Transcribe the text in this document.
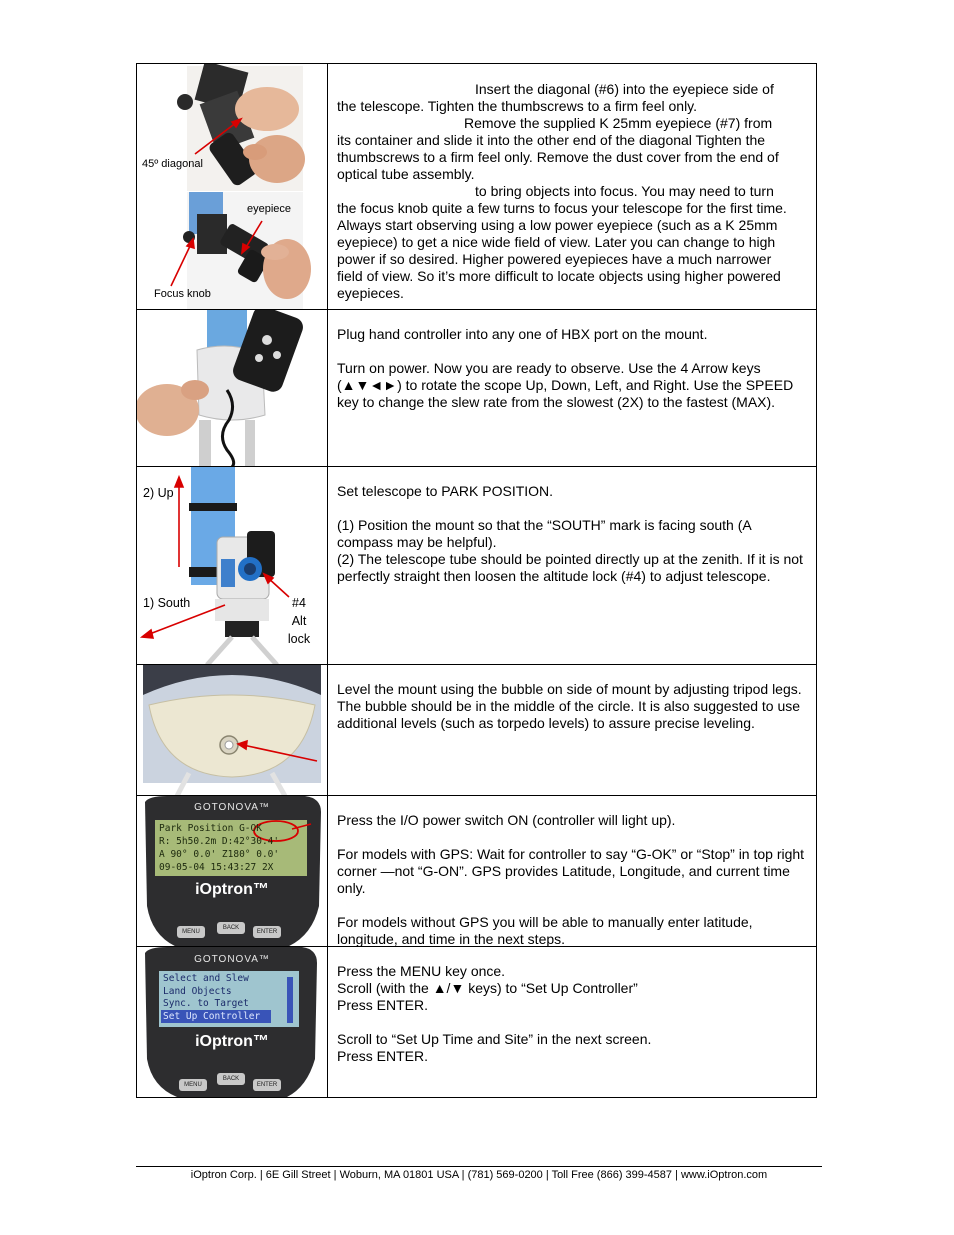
45º diagonal
eyepiece
Focus knob

Insert the diagonal (#6) into the eyepiece side of

the telescope. Tighten the thumbscrews to a firm feel only.

Remove the supplied K 25mm eyepiece (#7) from

its container and slide it into the other end of the diagonal Tighten the

thumbscrews to a firm feel only. Remove the dust cover from the end of

optical tube assembly.

to bring objects into focus. You may need to turn

the focus knob quite a few turns to focus your telescope for the first time.

Always start observing using a low power eyepiece (such as a K 25mm

eyepiece) to get a nice wide field of view. Later you can change to high

power if so desired. Higher powered eyepieces have a much narrower

field of view. So it’s more difficult to locate objects using higher powered

eyepieces.

Plug hand controller into any one of HBX port on the mount.

Turn on power. Now you are ready to observe. Use the 4 Arrow keys (▲▼◄►) to rotate the scope Up, Down, Left, and Right. Use the SPEED key to change the slew rate from the slowest (2X) to the fastest (MAX).

2) Up
1) South	#4
Alt
lock

Set telescope to PARK POSITION.

(1) Position the mount so that the “SOUTH” mark is facing south (A compass may be helpful).

(2) The telescope tube should be pointed directly up at the zenith. If it is not perfectly straight then loosen the altitude lock (#4) to adjust telescope.

Level the mount using the bubble on side of mount by adjusting tripod legs. The bubble should be in the middle of the circle. It is also suggested to use additional levels (such as torpedo levels) to assure precise leveling.

GOTONOVA™
Park Position G-OK
R: 5h50.2m D:42°30.4'
A 90° 0.0' Z180° 0.0'
09-05-04 15:43:27 2X
iOptron™
MENU
BACK
ENTER

Press the I/O power switch ON (controller will light up).

For models with GPS: Wait for controller to say “G-OK” or “Stop” in top right corner —not “G-ON”. GPS provides Latitude, Longitude, and current time only.

For models without GPS you will be able to manually enter latitude, longitude, and time in the next steps.

GOTONOVA™
Select and Slew
Land Objects
Sync. to Target
Set Up Controller
iOptron™
MENU
BACK
ENTER

Press the MENU key once.

Scroll (with the ▲/▼ keys) to “Set Up Controller”

Press ENTER.

Scroll to “Set Up Time and Site” in the next screen.

Press ENTER.

iOptron Corp. | 6E Gill Street | Woburn, MA 01801 USA | (781) 569-0200 | Toll Free (866) 399-4587 | www.iOptron.com
